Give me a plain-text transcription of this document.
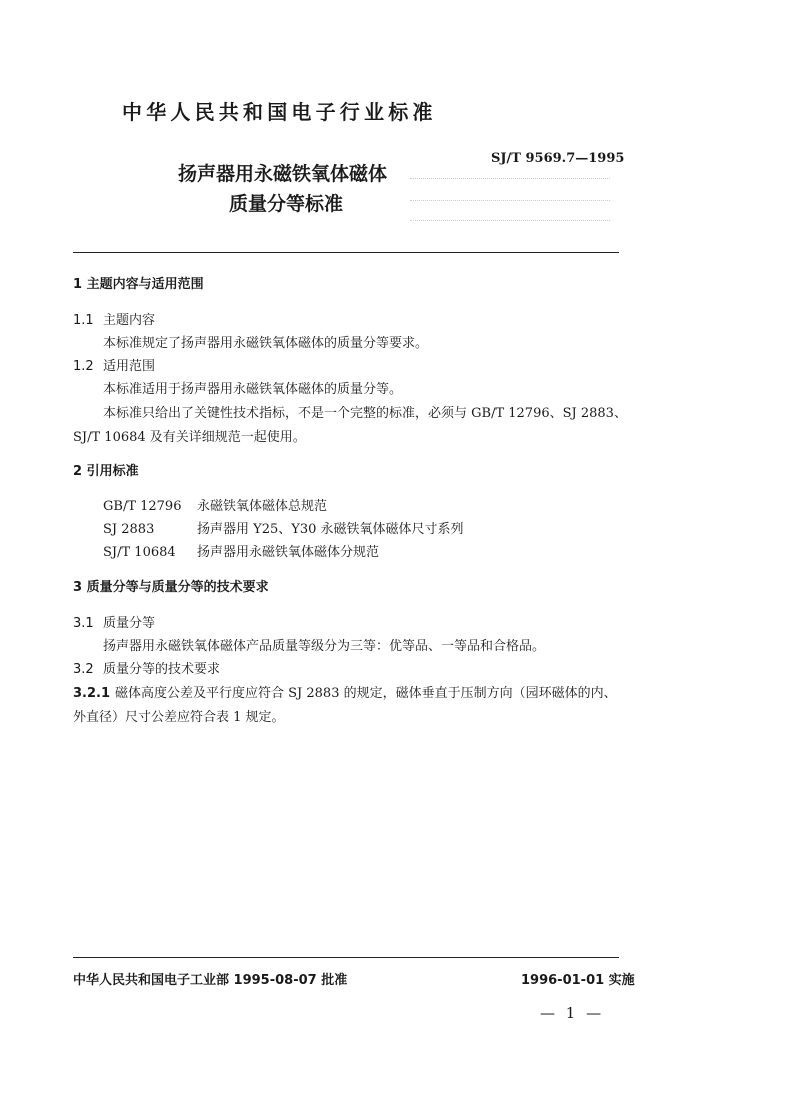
中华人民共和国电子行业标准
SJ/T 9569.7—1995
扬声器用永磁铁氧体磁体
质量分等标准
1 主题内容与适用范围
1.1 主题内容
本标准规定了扬声器用永磁铁氧体磁体的质量分等要求。
1.2 适用范围
本标准适用于扬声器用永磁铁氧体磁体的质量分等。
本标准只给出了关键性技术指标，不是一个完整的标准，必须与 GB/T 12796、SJ 2883、
SJ/T 10684 及有关详细规范一起使用。
2 引用标准
GB/T 12796 永磁铁氧体磁体总规范
SJ 2883	扬声器用 Y25、Y30 永磁铁氧体磁体尺寸系列
SJ/T 10684 扬声器用永磁铁氧体磁体分规范
3 质量分等与质量分等的技术要求
3.1 质量分等
扬声器用永磁铁氧体磁体产品质量等级分为三等：优等品、一等品和合格品。
3.2 质量分等的技术要求
3.2.1 磁体高度公差及平行度应符合 SJ 2883 的规定，磁体垂直于压制方向（园环磁体的内、
外直径）尺寸公差应符合表 1 规定。
中华人民共和国电子工业部 1995-08-07 批准	1996-01-01 实施
— 1 —
